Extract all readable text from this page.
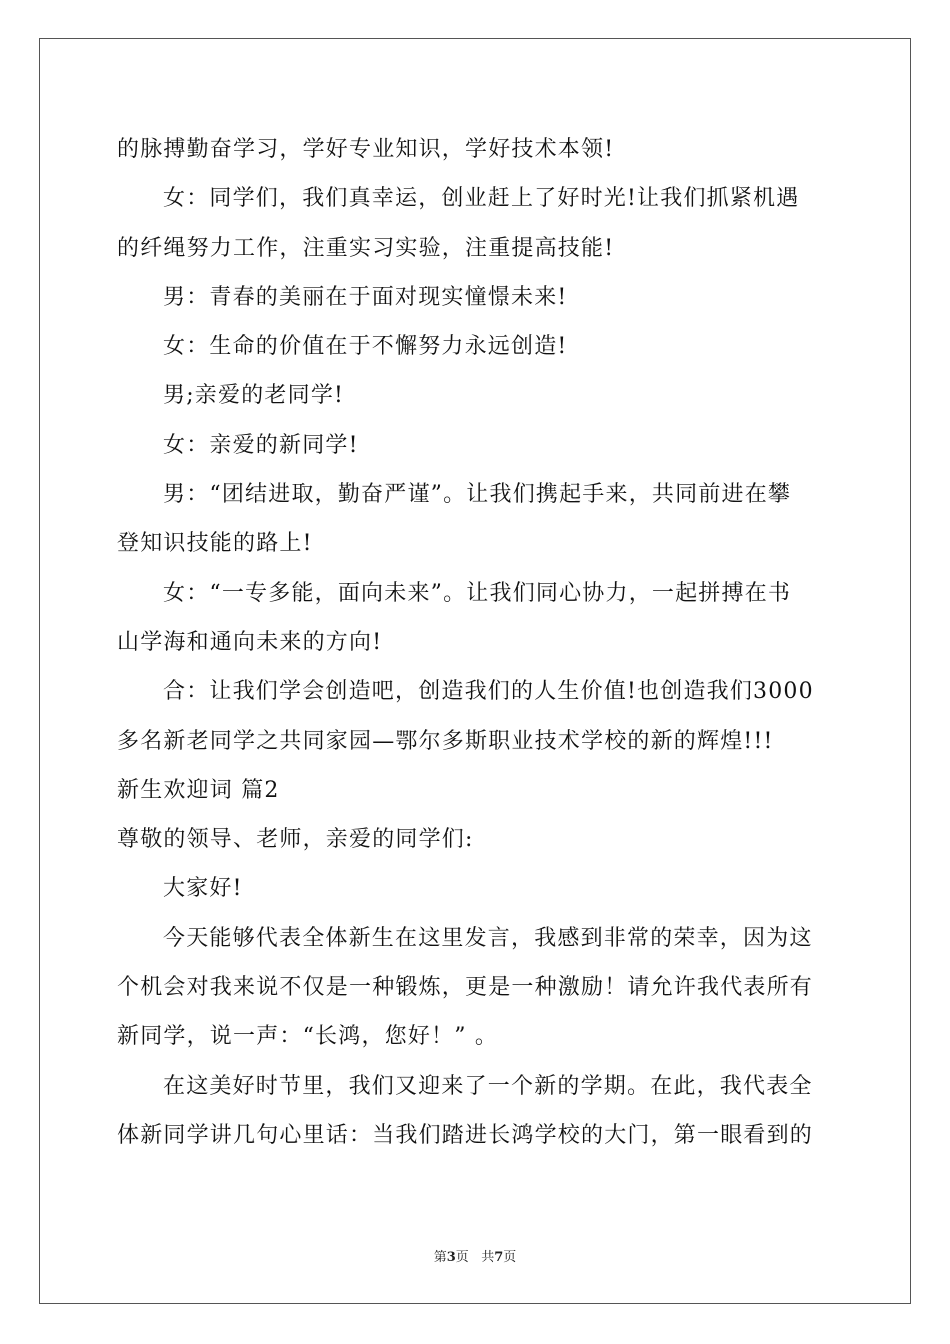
的脉搏勤奋学习，学好专业知识，学好技术本领!
女：同学们，我们真幸运，创业赶上了好时光!让我们抓紧机遇
的纤绳努力工作，注重实习实验，注重提高技能!
男：青春的美丽在于面对现实憧憬未来!
女：生命的价值在于不懈努力永远创造!
男;亲爱的老同学!
女：亲爱的新同学!
男：“团结进取，勤奋严谨”。让我们携起手来，共同前进在攀
登知识技能的路上!
女：“一专多能，面向未来”。让我们同心协力，一起拼搏在书
山学海和通向未来的方向!
合：让我们学会创造吧，创造我们的人生价值!也创造我们3000
多名新老同学之共同家园—鄂尔多斯职业技术学校的新的辉煌!!!
新生欢迎词 篇2
尊敬的领导、老师，亲爱的同学们:
大家好!
今天能够代表全体新生在这里发言，我感到非常的荣幸，因为这
个机会对我来说不仅是一种锻炼，更是一种激励！请允许我代表所有
新同学，说一声：“长鸿，您好！” 。
在这美好时节里，我们又迎来了一个新的学期。在此，我代表全
体新同学讲几句心里话：当我们踏进长鸿学校的大门，第一眼看到的
第3页   共7页
